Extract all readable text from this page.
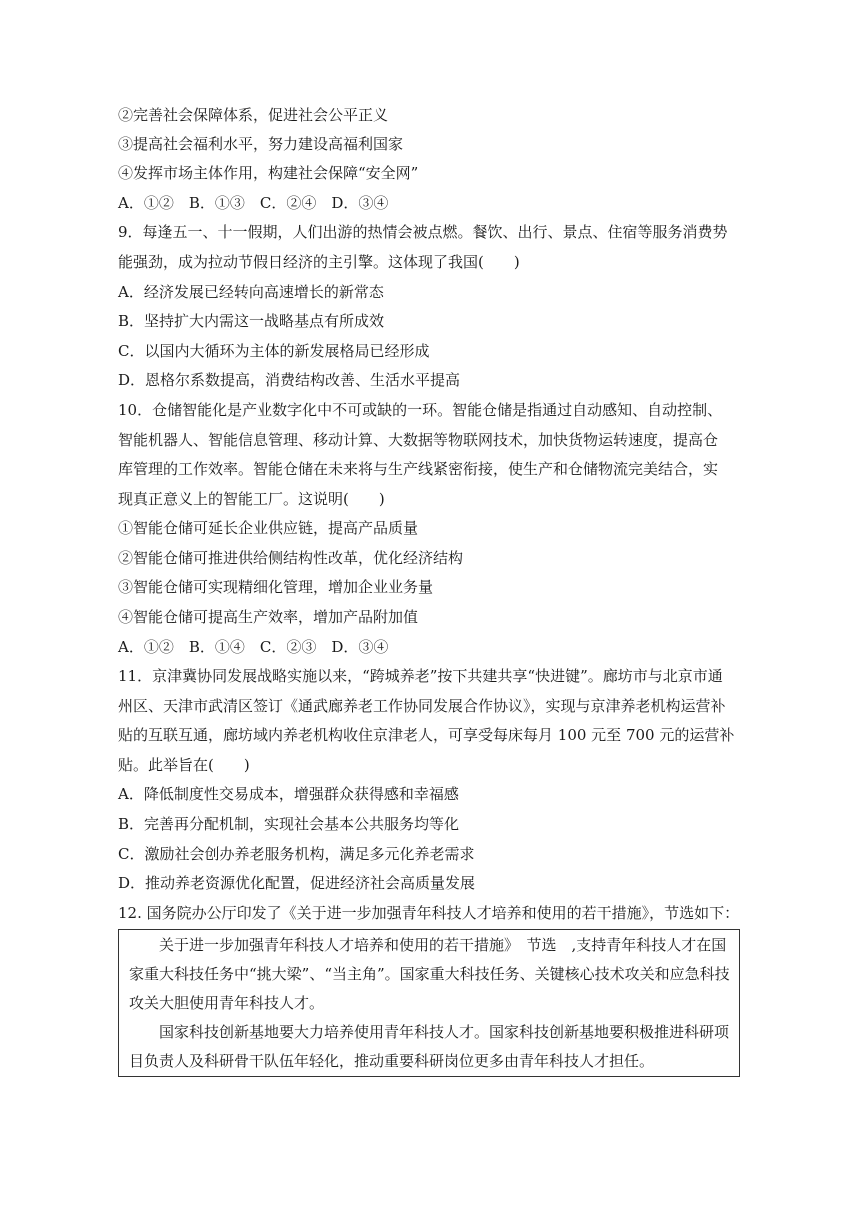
②完善社会保障体系，促进社会公平正义
③提高社会福利水平，努力建设高福利国家
④发挥市场主体作用，构建社会保障“安全网”
A．①②　B．①③　C．②④　D．③④
9．每逢五一、十一假期，人们出游的热情会被点燃。餐饮、出行、景点、住宿等服务消费势
能强劲，成为拉动节假日经济的主引擎。这体现了我国(　　)
A．经济发展已经转向高速增长的新常态
B．坚持扩大内需这一战略基点有所成效
C．以国内大循环为主体的新发展格局已经形成
D．恩格尔系数提高，消费结构改善、生活水平提高
10．仓储智能化是产业数字化中不可或缺的一环。智能仓储是指通过自动感知、自动控制、
智能机器人、智能信息管理、移动计算、大数据等物联网技术，加快货物运转速度，提高仓
库管理的工作效率。智能仓储在未来将与生产线紧密衔接，使生产和仓储物流完美结合，实
现真正意义上的智能工厂。这说明(　　)
①智能仓储可延长企业供应链，提高产品质量
②智能仓储可推进供给侧结构性改革，优化经济结构
③智能仓储可实现精细化管理，增加企业业务量
④智能仓储可提高生产效率，增加产品附加值
A．①②　B．①④　C．②③　D．③④
11．京津冀协同发展战略实施以来，“跨城养老”按下共建共享“快进键”。廊坊市与北京市通
州区、天津市武清区签订《通武廊养老工作协同发展合作协议》，实现与京津养老机构运营补
贴的互联互通，廊坊域内养老机构收住京津老人，可享受每床每月 100 元至 700 元的运营补
贴。此举旨在(　　)
A．降低制度性交易成本，增强群众获得感和幸福感
B．完善再分配机制，实现社会基本公共服务均等化
C．激励社会创办养老服务机构，满足多元化养老需求
D．推动养老资源优化配置，促进经济社会高质量发展
12. 国务院办公厅印发了《关于进一步加强青年科技人才培养和使用的若干措施》，节选如下：
关于进一步加强青年科技人才培养和使用的若干措施》　节选　,支持青年科技人才在国
家重大科技任务中“挑大梁”、“当主角”。国家重大科技任务、关键核心技术攻关和应急科技
攻关大胆使用青年科技人才。
国家科技创新基地要大力培养使用青年科技人才。国家科技创新基地要积极推进科研项
目负责人及科研骨干队伍年轻化，推动重要科研岗位更多由青年科技人才担任。
